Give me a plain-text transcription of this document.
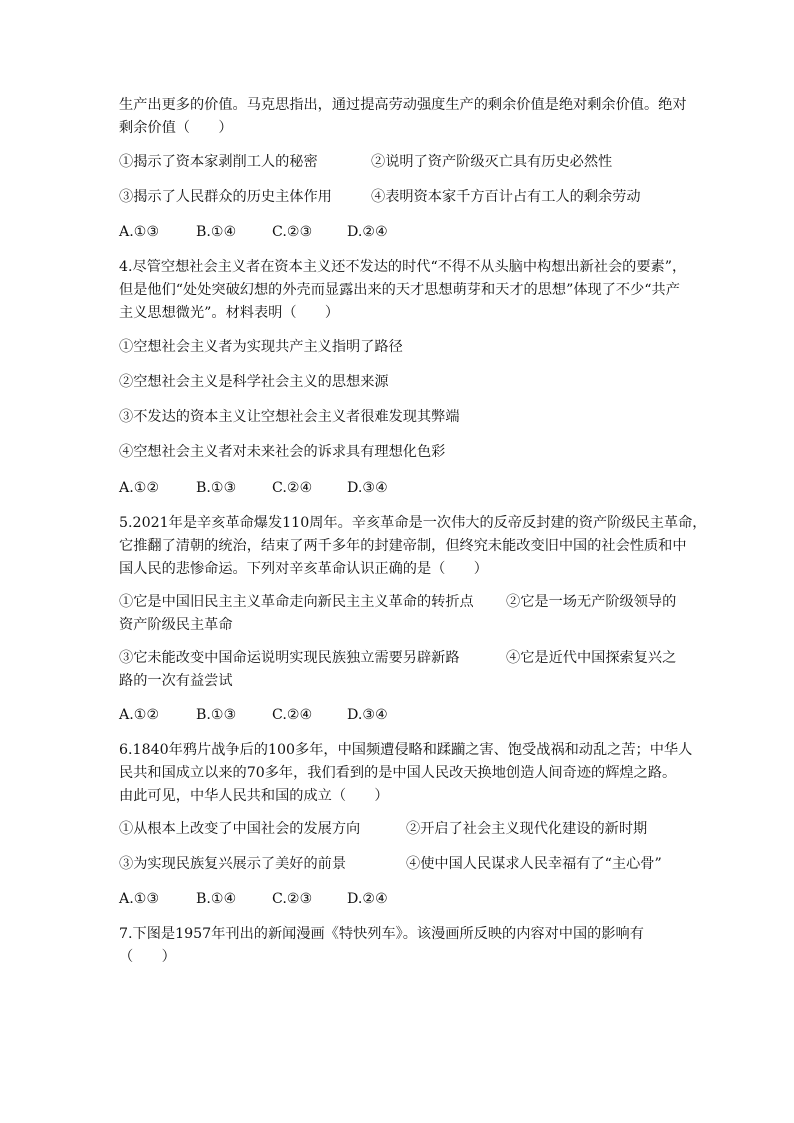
生产出更多的价值。马克思指出，通过提高劳动强度生产的剩余价值是绝对剩余价值。绝对
剩余价值（　　）
①揭示了资本家剥削工人的秘密	②说明了资产阶级灭亡具有历史必然性
③揭示了人民群众的历史主体作用	④表明资本家千方百计占有工人的剩余劳动
A.①③	B.①④	C.②③ D.②④
4.尽管空想社会主义者在资本主义还不发达的时代“不得不从头脑中构想出新社会的要素”，
但是他们“处处突破幻想的外壳而显露出来的天才思想萌芽和天才的思想”体现了不少“共产
主义思想微光”。材料表明（　　）
①空想社会主义者为实现共产主义指明了路径
②空想社会主义是科学社会主义的思想来源
③不发达的资本主义让空想社会主义者很难发现其弊端
④空想社会主义者对未来社会的诉求具有理想化色彩
A.①②	B.①③	C.②④ D.③④
5.2021年是辛亥革命爆发110周年。辛亥革命是一次伟大的反帝反封建的资产阶级民主革命，
它推翻了清朝的统治，结束了两千多年的封建帝制，但终究未能改变旧中国的社会性质和中
国人民的悲惨命运。下列对辛亥革命认识正确的是（　　）
①它是中国旧民主主义革命走向新民主主义革命的转折点 ②它是一场无产阶级领导的
资产阶级民主革命
③它未能改变中国命运说明实现民族独立需要另辟新路	④它是近代中国探索复兴之
路的一次有益尝试
A.①②	B.①③	C.②④ D.③④
6.1840年鸦片战争后的100多年，中国频遭侵略和蹂躏之害、饱受战祸和动乱之苦；中华人
民共和国成立以来的70多年，我们看到的是中国人民改天换地创造人间奇迹的辉煌之路。
由此可见，中华人民共和国的成立（　　）
①从根本上改变了中国社会的发展方向	②开启了社会主义现代化建设的新时期
③为实现民族复兴展示了美好的前景	④使中国人民谋求人民幸福有了“主心骨”
A.①③	B.①④	C.②③ D.②④
7.下图是1957年刊出的新闻漫画《特快列车》。该漫画所反映的内容对中国的影响有
（　　）
